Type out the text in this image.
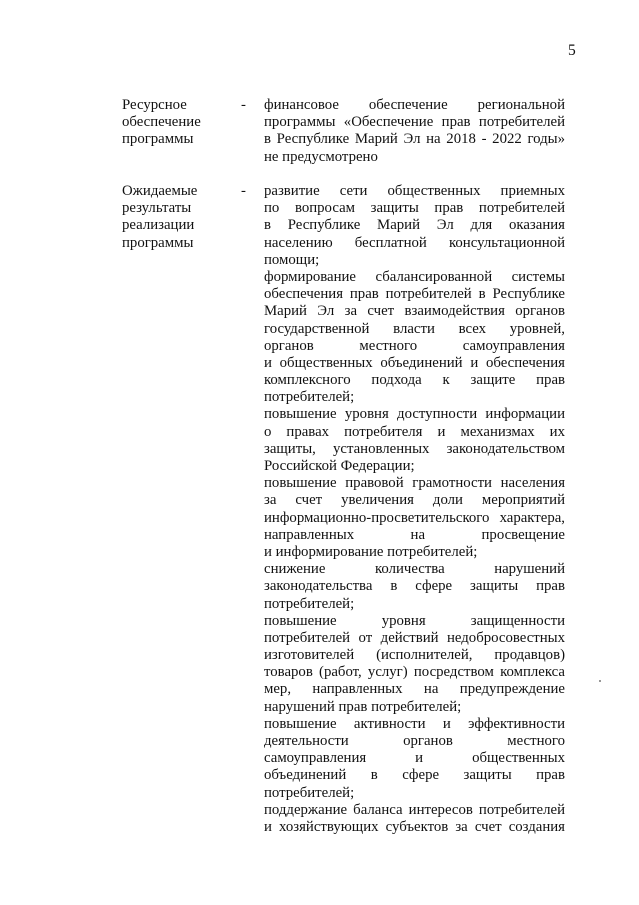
5
Ресурсное
обеспечение
программы
- финансовое обеспечение региональной
программы «Обеспечение прав потребителей
в Республике Марий Эл на 2018 - 2022 годы»
не предусмотрено
Ожидаемые
результаты
реализации
программы
- развитие сети общественных приемных
по вопросам защиты прав потребителей
в Республике Марий Эл для оказания
населению бесплатной консультационной
помощи;
формирование сбалансированной системы
обеспечения прав потребителей в Республике
Марий Эл за счет взаимодействия органов
государственной власти всех уровней,
органов местного самоуправления
и общественных объединений и обеспечения
комплексного подхода к защите прав
потребителей;
повышение уровня доступности информации
о правах потребителя и механизмах их
защиты, установленных законодательством
Российской Федерации;
повышение правовой грамотности населения
за счет увеличения доли мероприятий
информационно-просветительского характера,
направленных на просвещение
и информирование потребителей;
снижение количества нарушений
законодательства в сфере защиты прав
потребителей;
повышение уровня защищенности
потребителей от действий недобросовестных
изготовителей (исполнителей, продавцов)
товаров (работ, услуг) посредством комплекса
мер, направленных на предупреждение
нарушений прав потребителей;
повышение активности и эффективности
деятельности органов местного
самоуправления и общественных
объединений в сфере защиты прав
потребителей;
поддержание баланса интересов потребителей
и хозяйствующих субъектов за счет создания
